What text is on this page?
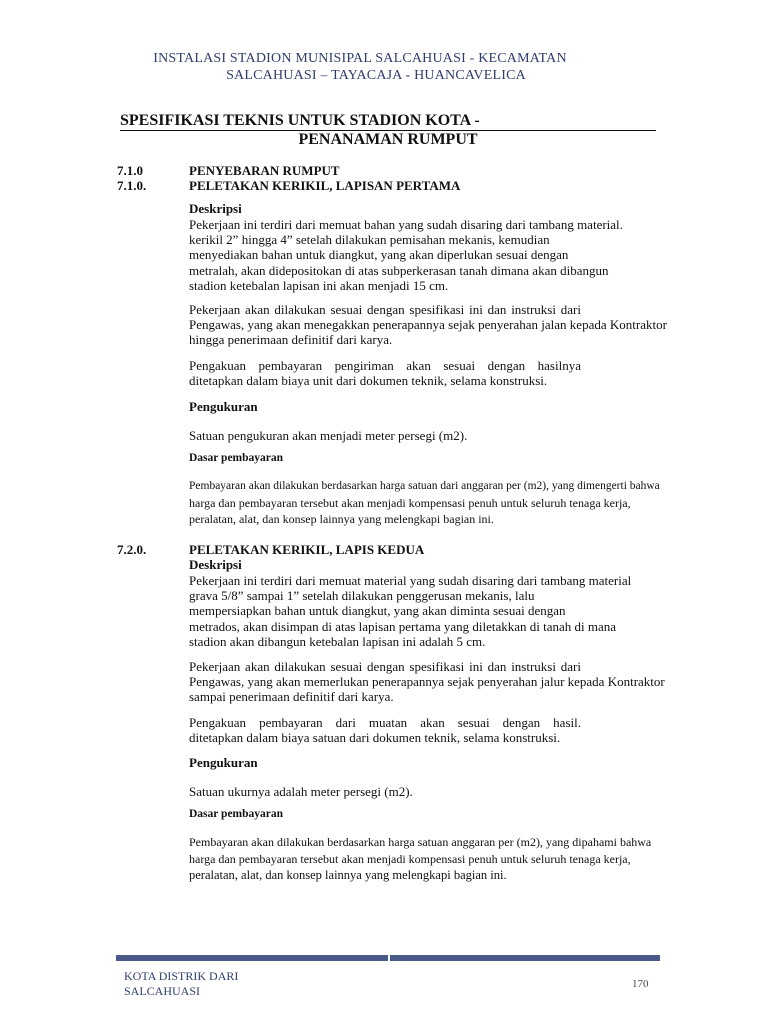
INSTALASI STADION MUNISIPAL SALCAHUASI - KECAMATAN
SALCAHUASI – TAYACAJA - HUANCAVELICA
SPESIFIKASI TEKNIS UNTUK STADION KOTA -
PENANAMAN RUMPUT
7.1.0	PENYEBARAN RUMPUT
7.1.0.	PELETAKAN KERIKIL, LAPISAN PERTAMA
Deskripsi
Pekerjaan ini terdiri dari memuat bahan yang sudah disaring dari tambang material.
kerikil 2” hingga 4” setelah dilakukan pemisahan mekanis, kemudian
menyediakan bahan untuk diangkut, yang akan diperlukan sesuai dengan
metralah, akan didepositokan di atas subperkerasan tanah dimana akan dibangun
stadion ketebalan lapisan ini akan menjadi 15 cm.
Pekerjaan akan dilakukan sesuai dengan spesifikasi ini dan instruksi dari
Pengawas, yang akan menegakkan penerapannya sejak penyerahan jalan kepada Kontraktor
hingga penerimaan definitif dari karya.
Pengakuan pembayaran pengiriman akan sesuai dengan hasilnya
ditetapkan dalam biaya unit dari dokumen teknik, selama konstruksi.
Pengukuran
Satuan pengukuran akan menjadi meter persegi (m2).
Dasar pembayaran
Pembayaran akan dilakukan berdasarkan harga satuan dari anggaran per (m2), yang dimengerti bahwa
harga dan pembayaran tersebut akan menjadi kompensasi penuh untuk seluruh tenaga kerja,
peralatan, alat, dan konsep lainnya yang melengkapi bagian ini.
7.2.0.	PELETAKAN KERIKIL, LAPIS KEDUA
Deskripsi
Pekerjaan ini terdiri dari memuat material yang sudah disaring dari tambang material
grava 5/8” sampai 1” setelah dilakukan penggerusan mekanis, lalu
mempersiapkan bahan untuk diangkut, yang akan diminta sesuai dengan
metrados, akan disimpan di atas lapisan pertama yang diletakkan di tanah di mana
stadion akan dibangun ketebalan lapisan ini adalah 5 cm.
Pekerjaan akan dilakukan sesuai dengan spesifikasi ini dan instruksi dari
Pengawas, yang akan memerlukan penerapannya sejak penyerahan jalur kepada Kontraktor
sampai penerimaan definitif dari karya.
Pengakuan pembayaran dari muatan akan sesuai dengan hasil.
ditetapkan dalam biaya satuan dari dokumen teknik, selama konstruksi.
Pengukuran
Satuan ukurnya adalah meter persegi (m2).
Dasar pembayaran
Pembayaran akan dilakukan berdasarkan harga satuan anggaran per (m2), yang dipahami bahwa
harga dan pembayaran tersebut akan menjadi kompensasi penuh untuk seluruh tenaga kerja,
peralatan, alat, dan konsep lainnya yang melengkapi bagian ini.
KOTA DISTRIK DARI
SALCAHUASI	170
